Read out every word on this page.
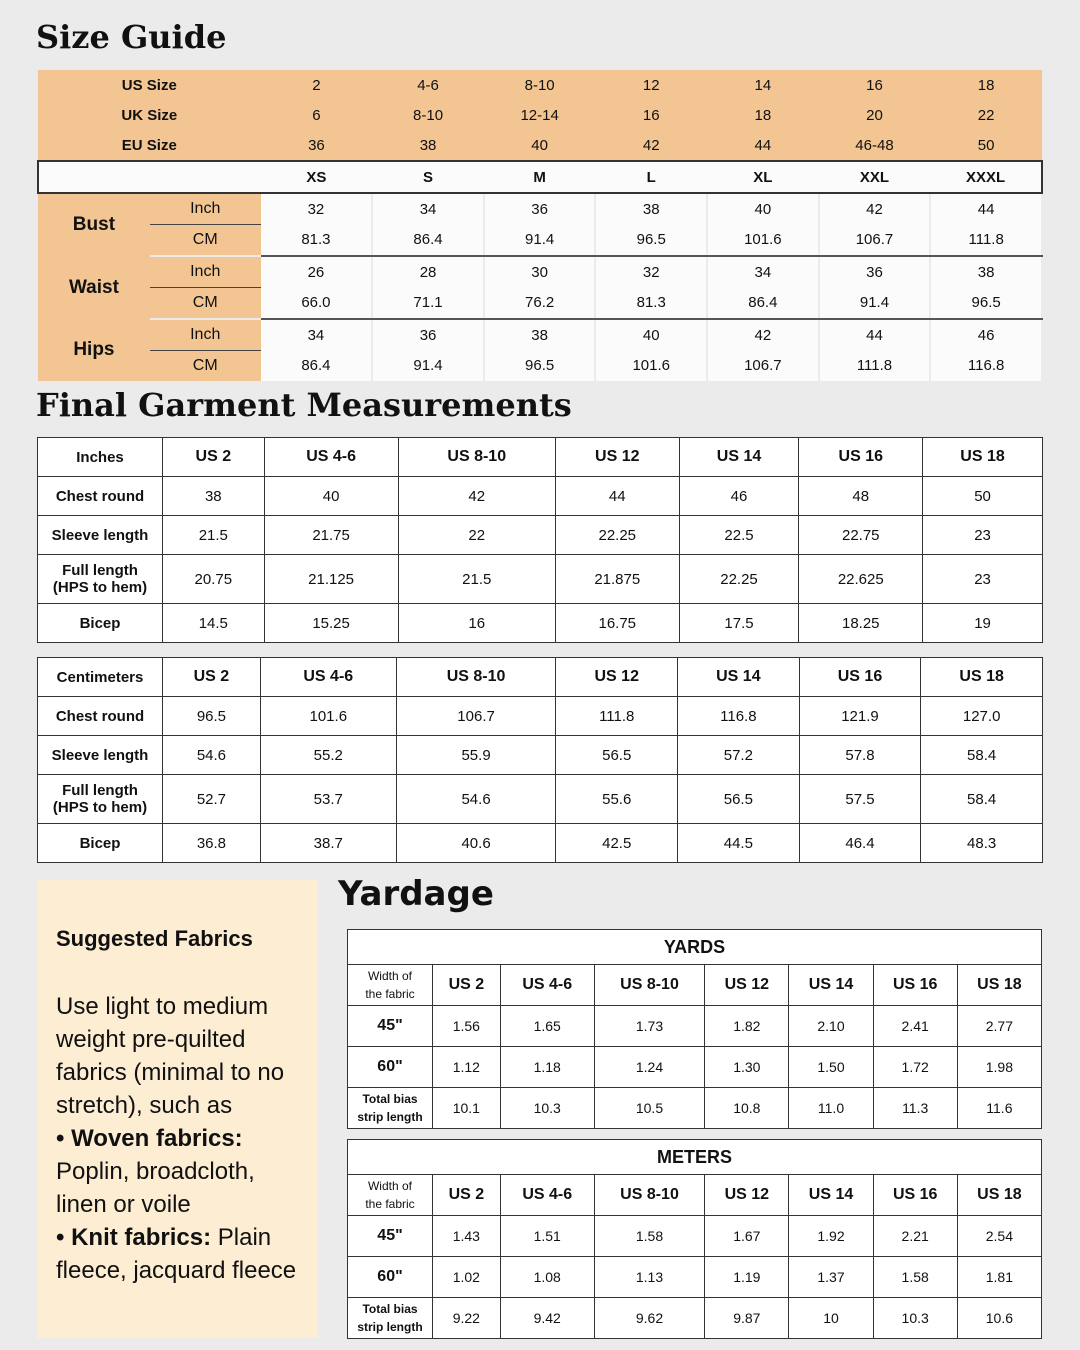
Size Guide
US Size		2	4-6	8-10	12	14	16	18
UK Size		6	8-10	12-14	16	18	20	22
EU Size		36	38	40	42	44	46-48	50
		XS	S	M	L	XL	XXL	XXXL
Bust	Inch	32	34	36	38	40	42	44
	CM	81.3	86.4	91.4	96.5	101.6	106.7	111.8
Waist	Inch	26	28	30	32	34	36	38
	CM	66.0	71.1	76.2	81.3	86.4	91.4	96.5
Hips	Inch	34	36	38	40	42	44	46
	CM	86.4	91.4	96.5	101.6	106.7	111.8	116.8
Final Garment Measurements
Inches	US 2	US 4-6	US 8-10	US 12	US 14	US 16	US 18
Chest round	38	40	42	44	46	48	50
Sleeve length	21.5	21.75	22	22.25	22.5	22.75	23

Full length
(HPS to hem)	20.75	21.125	21.5	21.875	22.25	22.625	23
Bicep	14.5	15.25	16	16.75	17.5	18.25	19
Centimeters	US 2	US 4-6	US 8-10	US 12	US 14	US 16	US 18
Chest round	96.5	101.6	106.7	111.8	116.8	121.9	127.0
Sleeve length	54.6	55.2	55.9	56.5	57.2	57.8	58.4

Full length
(HPS to hem)	52.7	53.7	54.6	55.6	56.5	57.5	58.4
Bicep	36.8	38.7	40.6	42.5	44.5	46.4	48.3
Suggested Fabrics
Use light to medium weight pre-quilted fabrics (minimal to no stretch), such as
• Woven fabrics: Poplin, broadcloth, linen or voile
• Knit fabrics: Plain fleece, jacquard fleece
Yardage
YARDS							

Width of
the fabric	US 2	US 4-6	US 8-10	US 12	US 14	US 16	US 18
45"	1.56	1.65	1.73	1.82	2.10	2.41	2.77
60"	1.12	1.18	1.24	1.30	1.50	1.72	1.98

Total bias
strip length	10.1	10.3	10.5	10.8	11.0	11.3	11.6
METERS							

Width of
the fabric	US 2	US 4-6	US 8-10	US 12	US 14	US 16	US 18
45"	1.43	1.51	1.58	1.67	1.92	2.21	2.54
60"	1.02	1.08	1.13	1.19	1.37	1.58	1.81

Total bias
strip length	9.22	9.42	9.62	9.87	10	10.3	10.6
